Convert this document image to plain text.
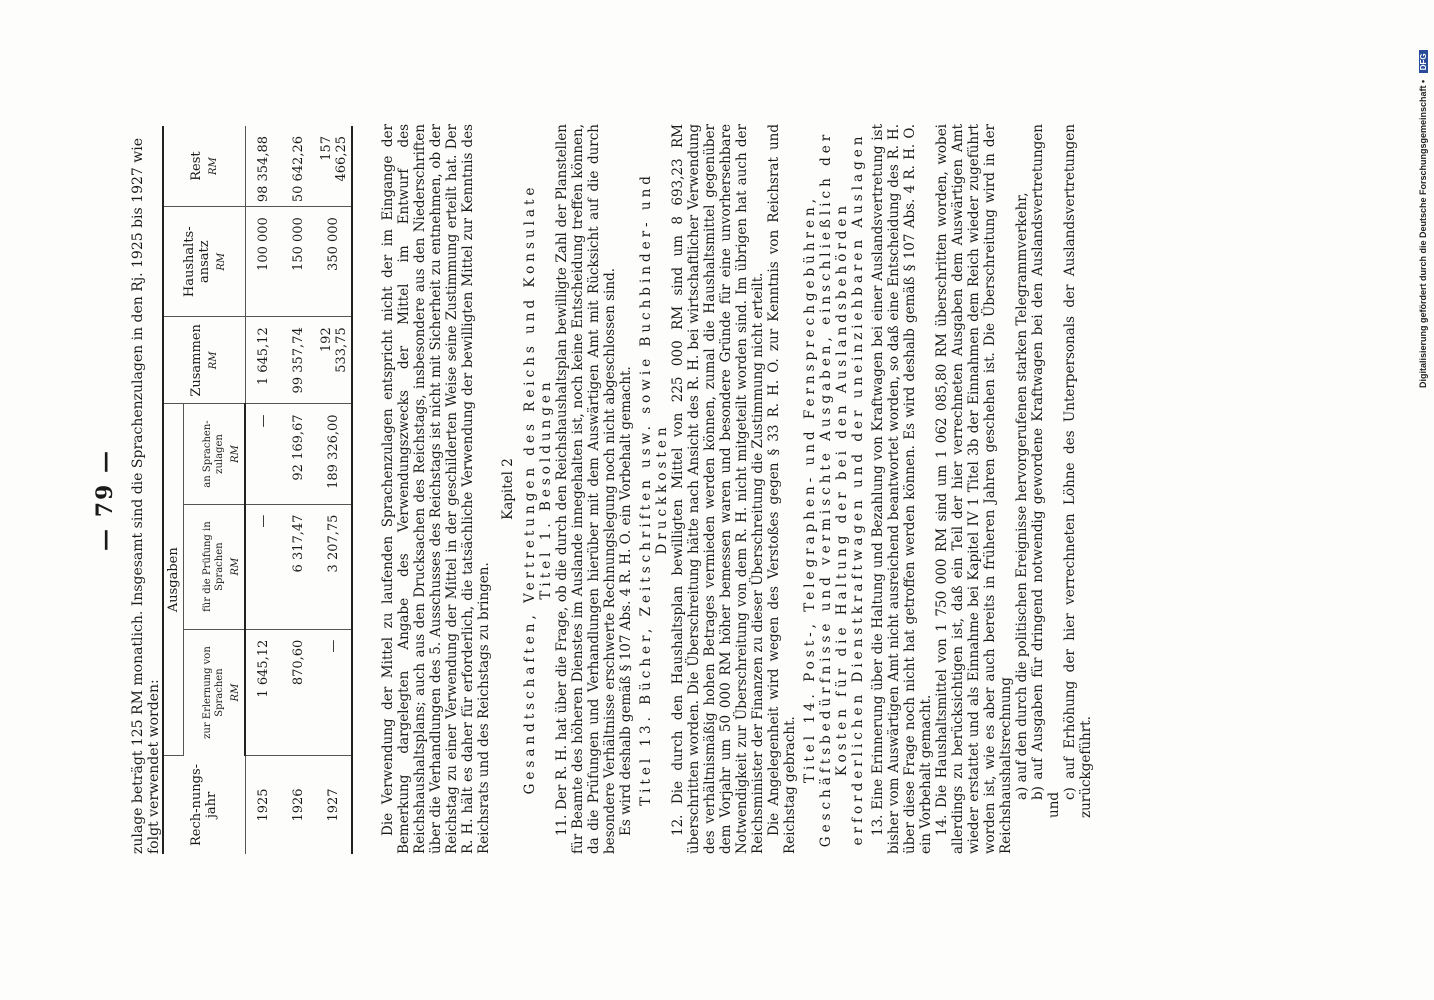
— 79 — zulage beträgt 125 RM monatlich. Insgesamt sind die Sprachenzulagen in den Rj. 1925 bis 1927 wie folgt verwendet worden: Rech-nungs-jahr	Ausgaben			Zusammen RM	Haushalts-ansatz RM	Rest RM

	zur Erlernung von Sprachen RM	für die Prüfung in Sprachen RM	an Sprachen-zulagen RM			

1925	1 645,12	—	—	1 645,12	100 000	98 354,88
1926	870,60	6 317,47	92 169,67	99 357,74	150 000	50 642,26
1927	—	3 207,75	189 326,00	192 533,75	350 000	157 466,25 Die Verwendung der Mittel zu laufenden Sprachenzulagen entspricht nicht der im Eingange der Bemerkung dargelegten Angabe des Verwendungszwecks der Mittel im Entwurf des Reichshaushaltsplans; auch aus den Drucksachen des Reichstags, insbesondere aus den Niederschriften über die Verhandlungen des 5. Ausschusses des Reichstags ist nicht mit Sicherheit zu entnehmen, ob der Reichstag zu einer Verwendung der Mittel in der geschilderten Weise seine Zustimmung erteilt hat. Der R. H. hält es daher für erforderlich, die tatsächliche Verwendung der bewilligten Mittel zur Kenntnis des Reichsrats und des Reichstags zu bringen.

Kapitel 2 Gesandtschaften, Vertretungen des Reichs und Konsulate Titel 1. Besoldungen 11. Der R. H. hat über die Frage, ob die durch den Reichshaushaltsplan bewilligte Zahl der Planstellen für Beamte des höheren Dienstes im Auslande innegehalten ist, noch keine Entscheidung treffen können, da die Prüfungen und Verhandlungen hierüber mit dem Auswärtigen Amt mit Rücksicht auf die durch besondere Verhältnisse erschwerte Rechnungslegung noch nicht abgeschlossen sind. Es wird deshalb gemäß § 107 Abs. 4 R. H. O. ein Vorbehalt gemacht. Titel 13. Bücher, Zeitschriften usw. sowie Buchbinder- und Druckkosten 12. Die durch den Haushaltsplan bewilligten Mittel von 225 000 RM sind um 8 693,23 RM überschritten worden. Die Überschreitung hätte nach Ansicht des R. H. bei wirtschaftlicher Verwendung des verhältnismäßig hohen Betrages vermieden werden können, zumal die Haushaltsmittel gegenüber dem Vorjahr um 50 000 RM höher bemessen waren und besondere Gründe für eine unvorhersehbare Notwendigkeit zur Überschreitung von dem R. H. nicht mitgeteilt worden sind. Im übrigen hat auch der Reichsminister der Finanzen zu dieser Überschreitung die Zustimmung nicht erteilt. Die Angelegenheit wird wegen des Verstoßes gegen § 33 R. H. O. zur Kenntnis von Reichsrat und Reichstag gebracht.

Titel 14. Post-, Telegraphen- und Fernsprechgebühren, Geschäftsbedürfnisse und vermischte Ausgaben, einschließlich der Kosten für die Haltung der bei den Auslandsbehörden erforderlichen Dienstkraftwagen und der uneinziehbaren Auslagen 13. Eine Erinnerung über die Haltung und Bezahlung von Kraftwagen bei einer Auslandsvertretung ist bisher vom Auswärtigen Amt nicht ausreichend beantwortet worden, so daß eine Entscheidung des R. H. über diese Frage noch nicht hat getroffen werden können. Es wird deshalb gemäß § 107 Abs. 4 R. H. O. ein Vorbehalt gemacht. 14. Die Haushaltsmittel von 1 750 000 RM sind um 1 062 085,80 RM überschritten worden, wobei allerdings zu berücksichtigen ist, daß ein Teil der hier verrechneten Ausgaben dem Auswärtigen Amt wieder erstattet und als Einnahme bei Kapitel IV 1 Titel 3b der Einnahmen dem Reich wieder zugeführt worden ist, wie es aber auch bereits in früheren Jahren geschehen ist. Die Überschreitung wird in der Reichshaushaltsrechnung a) auf den durch die politischen Ereignisse hervorgerufenen starken Telegrammverkehr, b) auf Ausgaben für dringend notwendig gewordene Kraftwagen bei den Auslandsvertretungen und

c) auf Erhöhung der hier verrechneten Löhne des Unterpersonals der Auslandsvertretungen zurückgeführt.

Digitalisierung gefördert durch die Deutsche Forschungsgemeinschaft • DFG
